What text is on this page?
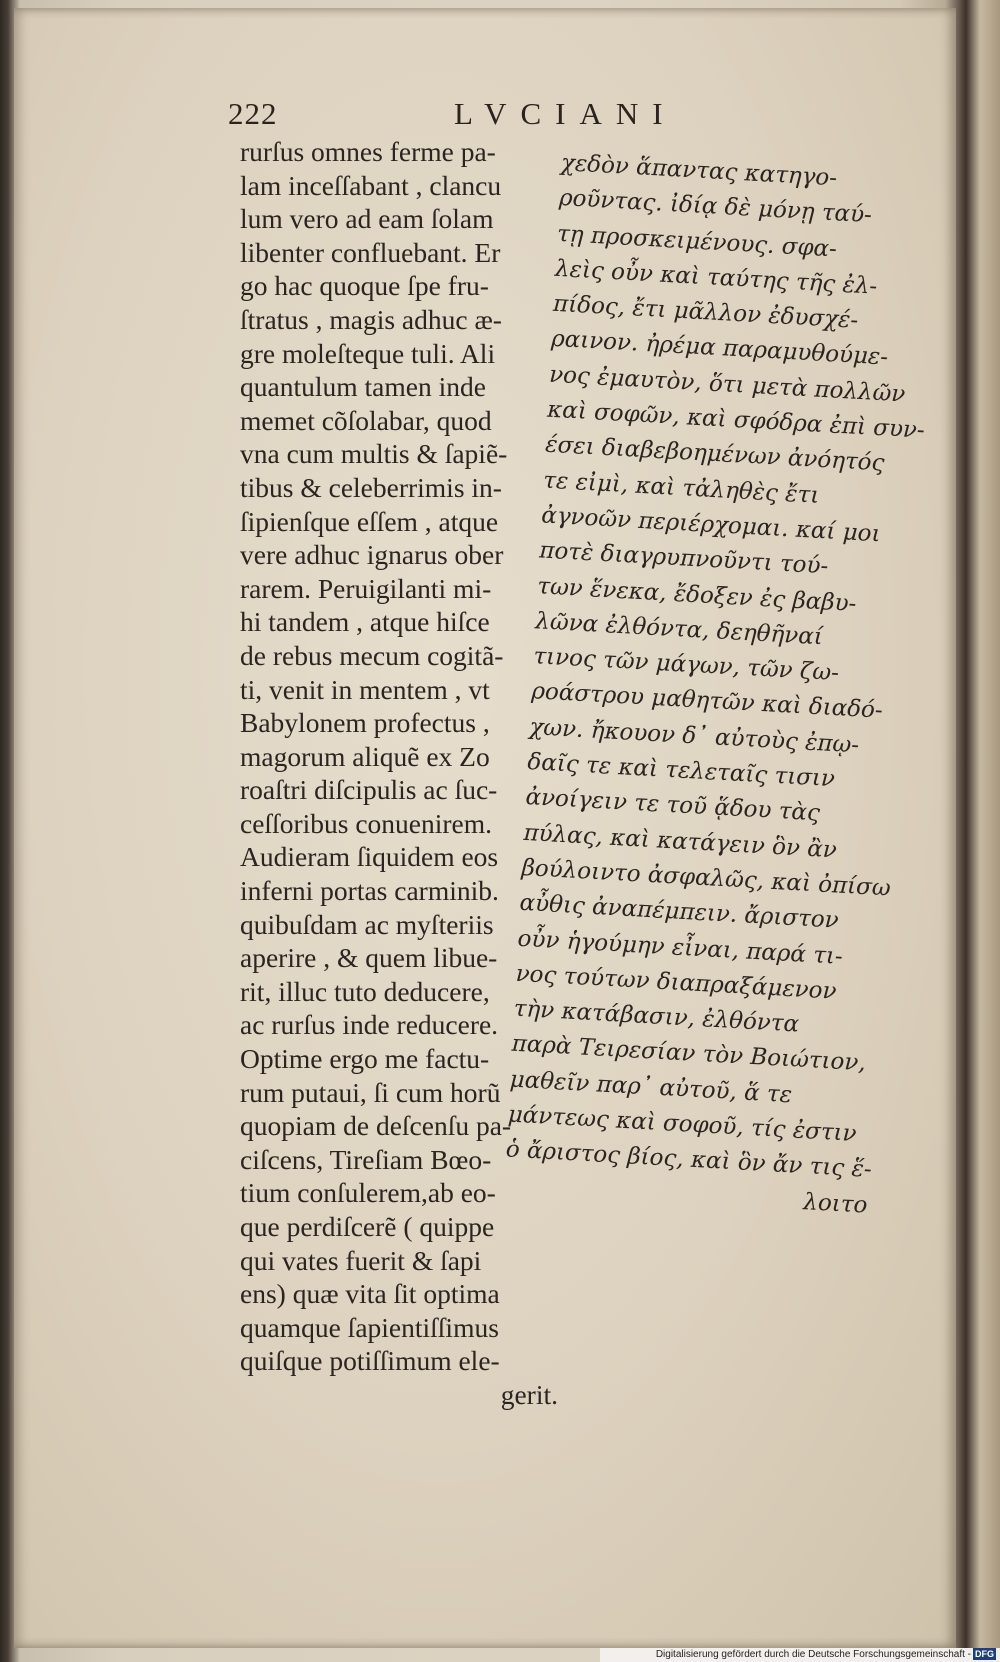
222	LVCIANI
rurſus omnes ferme pa-
lam inceſſabant , clancu
lum vero ad eam ſolam
libenter confluebant. Er
go hac quoque ſpe fru-
ſtratus , magis adhuc æ-
gre moleſteque tuli. Ali
quantulum tamen inde
memet cõſolabar, quod
vna cum multis & ſapiẽ-
tibus & celeberrimis in-
ſipienſque eſſem , atque
vere adhuc ignarus ober
rarem. Peruigilanti mi-
hi tandem , atque hiſce
de rebus mecum cogitã-
ti, venit in mentem , vt
Babylonem profectus ,
magorum aliquẽ ex Zo
roaſtri diſcipulis ac ſuc-
ceſſoribus conuenirem.
Audieram ſiquidem eos
inferni portas carminib.
quibuſdam ac myſteriis
aperire , & quem libue-
rit, illuc tuto deducere,
ac rurſus inde reducere.
Optime ergo me factu-
rum putaui, ſi cum horũ
quopiam de deſcenſu pa-
ciſcens, Tireſiam Bœo-
tium conſulerem,ab eo-
que perdiſcerẽ ( quippe
qui vates fuerit & ſapi
ens) quæ vita ſit optima
quamque ſapientiſſimus
quiſque potiſſimum ele-
gerit.
χεδὸν ἅπαντας κατηγο-
ροῦντας. ἰδίᾳ δὲ μόνῃ ταύ-
τῃ προσκειμένους. σφα-
λεὶς οὖν καὶ ταύτης τῆς ἐλ-
πίδος, ἔτι μᾶλλον ἐδυσχέ-
ραινον. ἠρέμα παραμυθούμε-
νος ἐμαυτὸν, ὅτι μετὰ πολλῶν
καὶ σοφῶν, καὶ σφόδρα ἐπὶ συν-
έσει διαβεβοημένων ἀνόητός
τε εἰμὶ, καὶ τἀληθὲς ἔτι
ἀγνοῶν περιέρχομαι. καί μοι
ποτὲ διαγρυπνοῦντι τού-
των ἕνεκα, ἔδοξεν ἐς βαβυ-
λῶνα ἐλθόντα, δεηθῆναί
τινος τῶν μάγων, τῶν ζω-
ροάστρου μαθητῶν καὶ διαδό-
χων. ἤκουον δ᾽ αὐτοὺς ἐπῳ-
δαῖς τε καὶ τελεταῖς τισιν
ἀνοίγειν τε τοῦ ᾅδου τὰς
πύλας, καὶ κατάγειν ὃν ἂν
βούλοιντο ἀσφαλῶς, καὶ ὀπίσω
αὖθις ἀναπέμπειν. ἄριστον
οὖν ἡγούμην εἶναι, παρά τι-
νος τούτων διαπραξάμενον
τὴν κατάβασιν, ἐλθόντα
παρὰ Τειρεσίαν τὸν Βοιώτιον,
μαθεῖν παρ᾽ αὐτοῦ, ἅ τε
μάντεως καὶ σοφοῦ, τίς ἐστιν
ὁ ἄριστος βίος, καὶ ὃν ἄν τις ἕ-
λοιτο
Digitalisierung gefördert durch die Deutsche Forschungsgemeinschaft - DFG
